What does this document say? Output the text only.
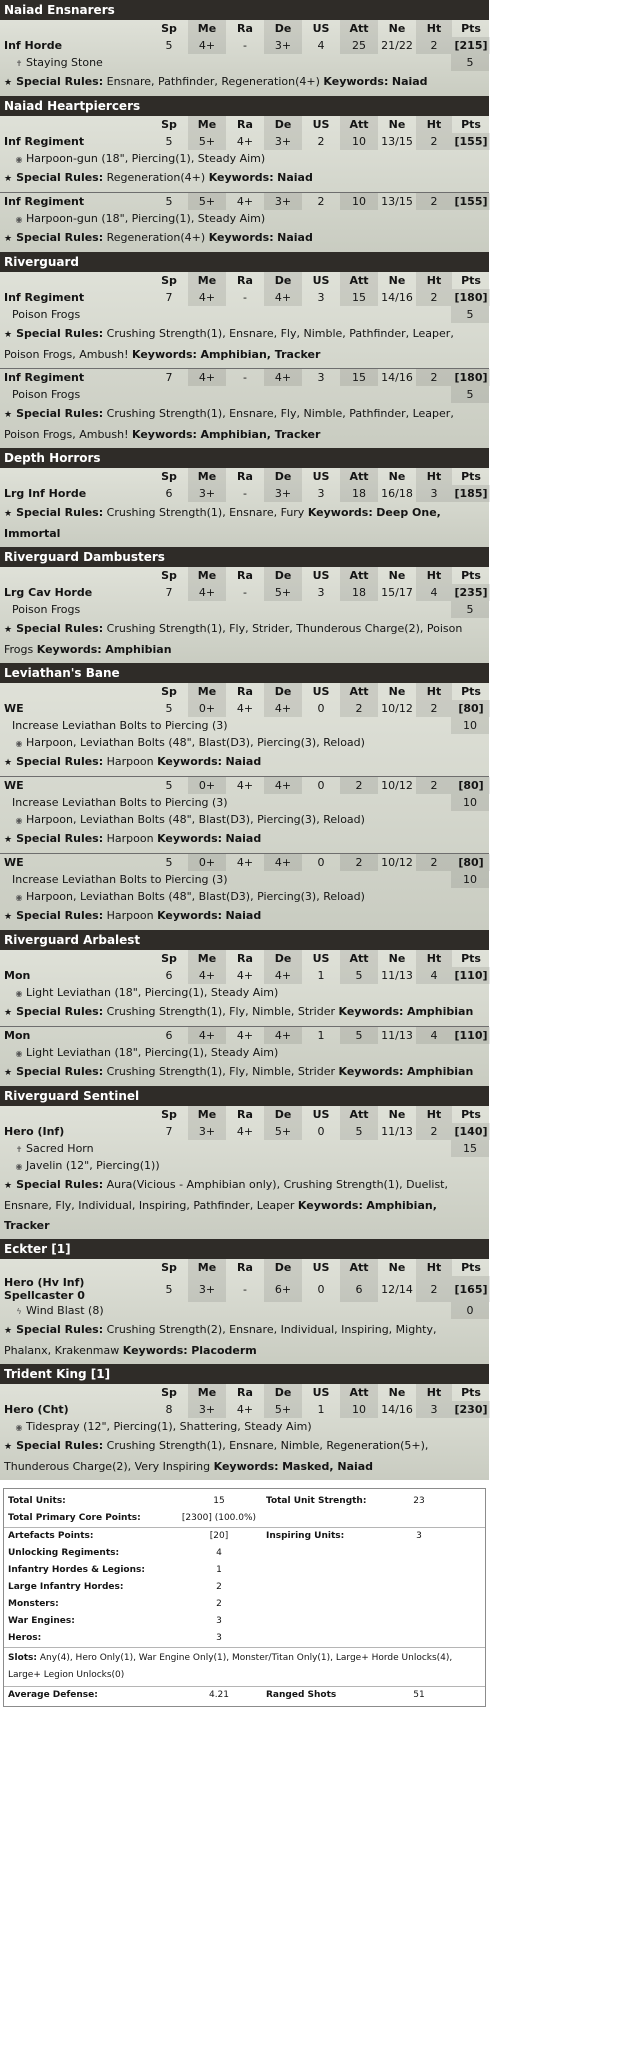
Naiad Ensnarers
	Sp	Me	Ra	De	US	Att	Ne	Ht	Pts
Inf Horde	5	4+	-	3+	4	25	21/22	2	[215]
✝ Staying Stone	5
★ Special Rules: Ensnare, Pathfinder, Regeneration(4+) Keywords: Naiad
Naiad Heartpiercers
	Sp	Me	Ra	De	US	Att	Ne	Ht	Pts
Inf Regiment	5	5+	4+	3+	2	10	13/15	2	[155]
◉ Harpoon-gun (18", Piercing(1), Steady Aim)
★ Special Rules: Regeneration(4+) Keywords: Naiad
Inf Regiment	5	5+	4+	3+	2	10	13/15	2	[155]
◉ Harpoon-gun (18", Piercing(1), Steady Aim)
★ Special Rules: Regeneration(4+) Keywords: Naiad
Riverguard
	Sp	Me	Ra	De	US	Att	Ne	Ht	Pts
Inf Regiment	7	4+	-	4+	3	15	14/16	2	[180]
Poison Frogs	5
★ Special Rules: Crushing Strength(1), Ensnare, Fly, Nimble, Pathfinder, Leaper, Poison Frogs, Ambush! Keywords: Amphibian, Tracker
Inf Regiment	7	4+	-	4+	3	15	14/16	2	[180]
Poison Frogs	5
★ Special Rules: Crushing Strength(1), Ensnare, Fly, Nimble, Pathfinder, Leaper, Poison Frogs, Ambush! Keywords: Amphibian, Tracker
Depth Horrors
	Sp	Me	Ra	De	US	Att	Ne	Ht	Pts
Lrg Inf Horde	6	3+	-	3+	3	18	16/18	3	[185]
★ Special Rules: Crushing Strength(1), Ensnare, Fury Keywords: Deep One, Immortal
Riverguard Dambusters
	Sp	Me	Ra	De	US	Att	Ne	Ht	Pts
Lrg Cav Horde	7	4+	-	5+	3	18	15/17	4	[235]
Poison Frogs	5
★ Special Rules: Crushing Strength(1), Fly, Strider, Thunderous Charge(2), Poison Frogs Keywords: Amphibian
Leviathan's Bane
	Sp	Me	Ra	De	US	Att	Ne	Ht	Pts
WE	5	0+	4+	4+	0	2	10/12	2	[80]
Increase Leviathan Bolts to Piercing (3)	10
◉ Harpoon, Leviathan Bolts (48", Blast(D3), Piercing(3), Reload)
★ Special Rules: Harpoon Keywords: Naiad
WE	5	0+	4+	4+	0	2	10/12	2	[80]
Increase Leviathan Bolts to Piercing (3)	10
◉ Harpoon, Leviathan Bolts (48", Blast(D3), Piercing(3), Reload)
★ Special Rules: Harpoon Keywords: Naiad
WE	5	0+	4+	4+	0	2	10/12	2	[80]
Increase Leviathan Bolts to Piercing (3)	10
◉ Harpoon, Leviathan Bolts (48", Blast(D3), Piercing(3), Reload)
★ Special Rules: Harpoon Keywords: Naiad
Riverguard Arbalest
	Sp	Me	Ra	De	US	Att	Ne	Ht	Pts
Mon	6	4+	4+	4+	1	5	11/13	4	[110]
◉ Light Leviathan (18", Piercing(1), Steady Aim)
★ Special Rules: Crushing Strength(1), Fly, Nimble, Strider Keywords: Amphibian
Mon	6	4+	4+	4+	1	5	11/13	4	[110]
◉ Light Leviathan (18", Piercing(1), Steady Aim)
★ Special Rules: Crushing Strength(1), Fly, Nimble, Strider Keywords: Amphibian
Riverguard Sentinel
	Sp	Me	Ra	De	US	Att	Ne	Ht	Pts
Hero (Inf)	7	3+	4+	5+	0	5	11/13	2	[140]
✝ Sacred Horn	15
◉ Javelin (12", Piercing(1))
★ Special Rules: Aura(Vicious - Amphibian only), Crushing Strength(1), Duelist, Ensnare, Fly, Individual, Inspiring, Pathfinder, Leaper Keywords: Amphibian, Tracker
Eckter [1]
	Sp	Me	Ra	De	US	Att	Ne	Ht	Pts
Hero (Hv Inf) Spellcaster 0	5	3+	-	6+	0	6	12/14	2	[165]
ϟ Wind Blast (8)	0
★ Special Rules: Crushing Strength(2), Ensnare, Individual, Inspiring, Mighty, Phalanx, Krakenmaw Keywords: Placoderm
Trident King [1]
	Sp	Me	Ra	De	US	Att	Ne	Ht	Pts
Hero (Cht)	8	3+	4+	5+	1	10	14/16	3	[230]
◉ Tidespray (12", Piercing(1), Shattering, Steady Aim)
★ Special Rules: Crushing Strength(1), Ensnare, Nimble, Regeneration(5+), Thunderous Charge(2), Very Inspiring Keywords: Masked, Naiad
Total Units:	15	Total Unit Strength:	23
Total Primary Core Points:	[2300] (100.0%)
Artefacts Points:	[20]	Inspiring Units:	3
Unlocking Regiments:	4
Infantry Hordes & Legions:	1
Large Infantry Hordes:	2
Monsters:	2
War Engines:	3
Heros:	3
Slots: Any(4), Hero Only(1), War Engine Only(1), Monster/Titan Only(1), Large+ Horde Unlocks(4), Large+ Legion Unlocks(0)
Average Defense:	4.21	Ranged Shots	51
